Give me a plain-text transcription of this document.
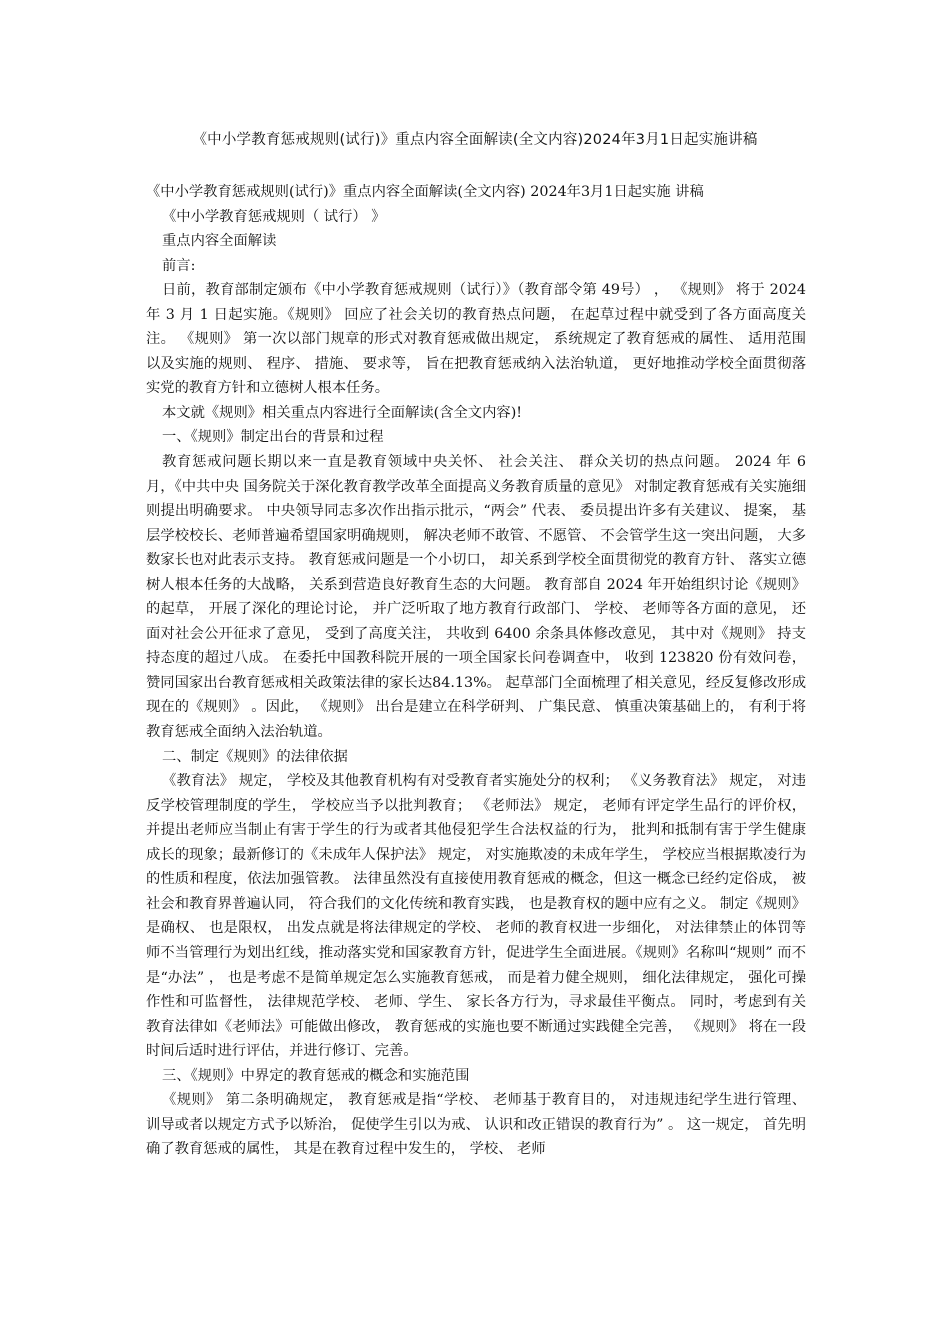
《中小学教育惩戒规则(试行)》重点内容全面解读(全文内容)2024年3月1日起实施讲稿

《中小学教育惩戒规则(试行)》重点内容全面解读(全文内容) 2024年3月1日起实施 讲稿

《中小学教育惩戒规则（ 试行） 》

重点内容全面解读

前言:

日前，教育部制定颁布《中小学教育惩戒规则（试行）》（教育部令第 49号） ， 《规则》 将于 2024 年 3 月 1 日起实施。《规则》 回应了社会关切的教育热点问题， 在起草过程中就受到了各方面高度关注。 《规则》 第一次以部门规章的形式对教育惩戒做出规定， 系统规定了教育惩戒的属性、 适用范围以及实施的规则、 程序、 措施、 要求等， 旨在把教育惩戒纳入法治轨道， 更好地推动学校全面贯彻落实党的教育方针和立德树人根本任务。

本文就《规则》相关重点内容进行全面解读(含全文内容)!

一、《规则》制定出台的背景和过程

教育惩戒问题长期以来一直是教育领域中央关怀、 社会关注、 群众关切的热点问题。 2024 年 6 月，《中共中央 国务院关于深化教育教学改革全面提高义务教育质量的意见》 对制定教育惩戒有关实施细则提出明确要求。 中央领导同志多次作出指示批示，“两会” 代表、 委员提出许多有关建议、 提案， 基层学校校长、老师普遍希望国家明确规则， 解决老师不敢管、不愿管、 不会管学生这一突出问题， 大多数家长也对此表示支持。 教育惩戒问题是一个小切口， 却关系到学校全面贯彻党的教育方针、 落实立德树人根本任务的大战略， 关系到营造良好教育生态的大问题。 教育部自 2024 年开始组织讨论《规则》的起草， 开展了深化的理论讨论， 并广泛听取了地方教育行政部门、 学校、 老师等各方面的意见， 还面对社会公开征求了意见， 受到了高度关注， 共收到 6400 余条具体修改意见， 其中对《规则》 持支持态度的超过八成。 在委托中国教科院开展的一项全国家长问卷调查中， 收到 123820 份有效问卷， 赞同国家出台教育惩戒相关政策法律的家长达84.13%。 起草部门全面梳理了相关意见，经反复修改形成现在的《规则》 。因此， 《规则》 出台是建立在科学研判、 广集民意、 慎重决策基础上的， 有利于将教育惩戒全面纳入法治轨道。

二、制定《规则》的法律依据

《教育法》 规定， 学校及其他教育机构有对受教育者实施处分的权利； 《义务教育法》 规定， 对违反学校管理制度的学生， 学校应当予以批判教育； 《老师法》 规定， 老师有评定学生品行的评价权， 并提出老师应当制止有害于学生的行为或者其他侵犯学生合法权益的行为， 批判和抵制有害于学生健康成长的现象；最新修订的《未成年人保护法》 规定， 对实施欺凌的未成年学生， 学校应当根据欺凌行为的性质和程度，依法加强管教。 法律虽然没有直接使用教育惩戒的概念，但这一概念已经约定俗成， 被社会和教育界普遍认同， 符合我们的文化传统和教育实践， 也是教育权的题中应有之义。 制定《规则》 是确权、 也是限权， 出发点就是将法律规定的学校、 老师的教育权进一步细化， 对法律禁止的体罚等师不当管理行为划出红线，推动落实党和国家教育方针，促进学生全面进展。《规则》名称叫“规则” 而不是“办法” ， 也是考虑不是简单规定怎么实施教育惩戒， 而是着力健全规则， 细化法律规定， 强化可操作性和可监督性， 法律规范学校、 老师、学生、 家长各方行为，寻求最佳平衡点。 同时，考虑到有关教育法律如《老师法》可能做出修改， 教育惩戒的实施也要不断通过实践健全完善， 《规则》 将在一段时间后适时进行评估，并进行修订、完善。

三、《规则》中界定的教育惩戒的概念和实施范围

《规则》 第二条明确规定， 教育惩戒是指“学校、 老师基于教育目的， 对违规违纪学生进行管理、 训导或者以规定方式予以矫治， 促使学生引以为戒、 认识和改正错误的教育行为” 。 这一规定， 首先明确了教育惩戒的属性， 其是在教育过程中发生的， 学校、 老师
